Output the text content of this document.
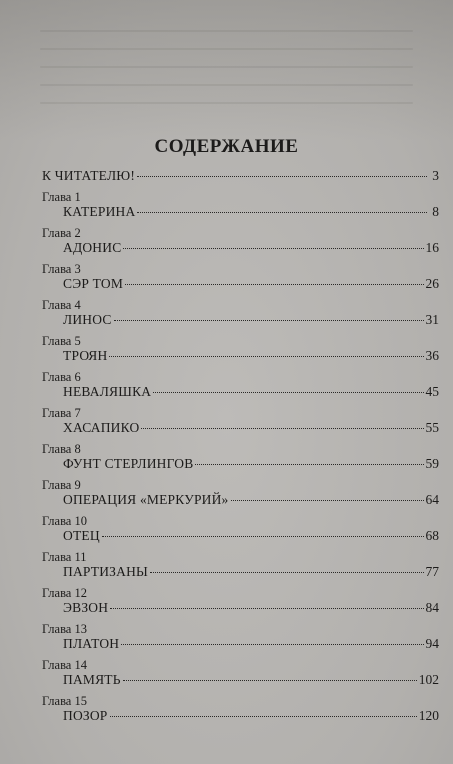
СОДЕРЖАНИЕ
К ЧИТАТЕЛЮ!	3
Глава 1
КАТЕРИНА	8
Глава 2
АДОНИС	16
Глава 3
СЭР ТОМ	26
Глава 4
ЛИНОС	31
Глава 5
ТРОЯН	36
Глава 6
НЕВАЛЯШКА	45
Глава 7
ХАСАПИКО	55
Глава 8
ФУНТ СТЕРЛИНГОВ	59
Глава 9
ОПЕРАЦИЯ «МЕРКУРИЙ»	64
Глава 10
ОТЕЦ	68
Глава 11
ПАРТИЗАНЫ	77
Глава 12
ЭВЗОН	84
Глава 13
ПЛАТОН	94
Глава 14
ПАМЯТЬ	102
Глава 15
ПОЗОР	120
